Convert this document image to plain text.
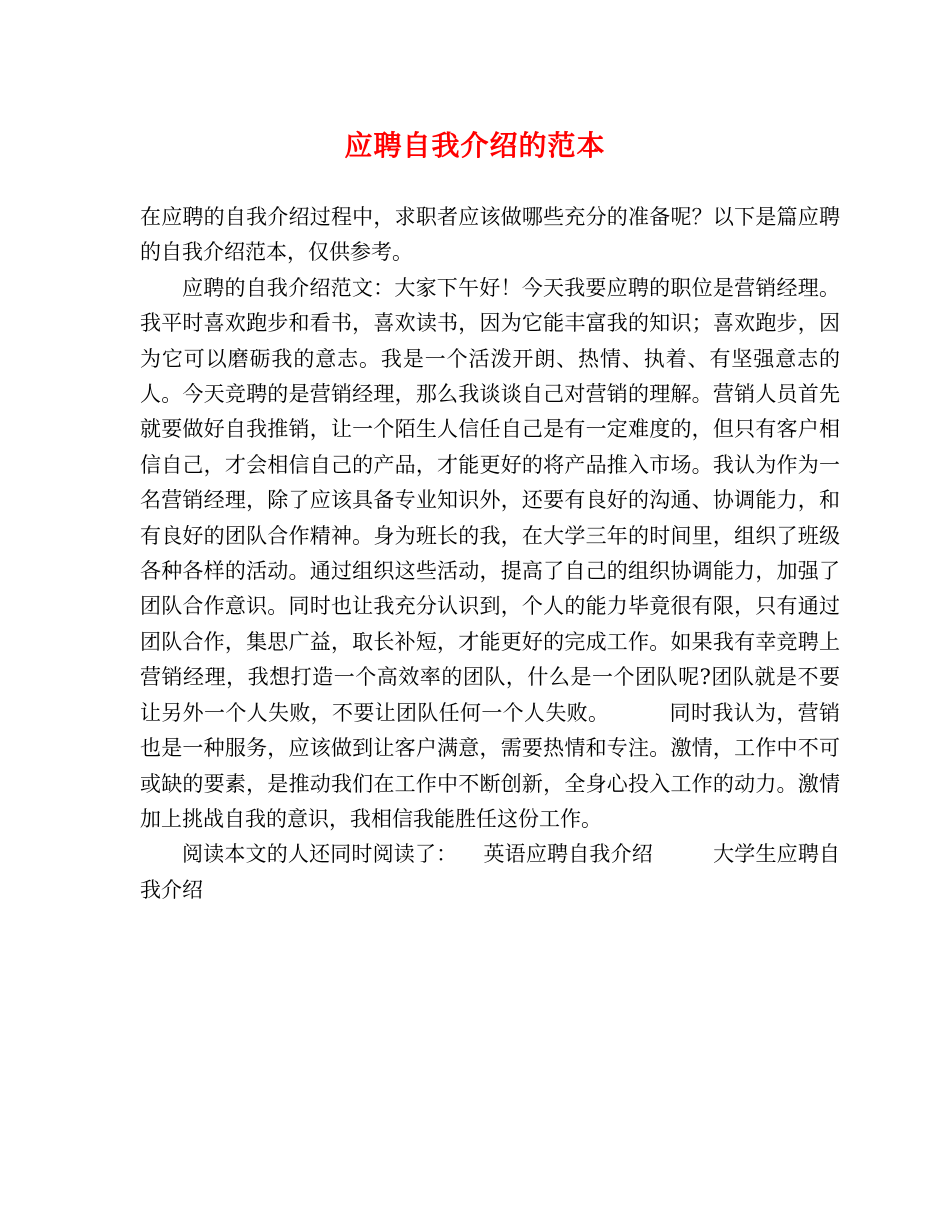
应聘自我介绍的范本

在应聘的自我介绍过程中，求职者应该做哪些充分的准备呢？以下是篇应聘的自我介绍范本，仅供参考。

应聘的自我介绍范文：大家下午好！今天我要应聘的职位是营销经理。我平时喜欢跑步和看书，喜欢读书，因为它能丰富我的知识；喜欢跑步，因为它可以磨砺我的意志。我是一个活泼开朗、热情、执着、有坚强意志的人。今天竞聘的是营销经理，那么我谈谈自己对营销的理解。营销人员首先就要做好自我推销，让一个陌生人信任自己是有一定难度的，但只有客户相信自己，才会相信自己的产品，才能更好的将产品推入市场。我认为作为一名营销经理，除了应该具备专业知识外，还要有良好的沟通、协调能力，和有良好的团队合作精神。身为班长的我，在大学三年的时间里，组织了班级各种各样的活动。通过组织这些活动，提高了自己的组织协调能力，加强了团队合作意识。同时也让我充分认识到，个人的能力毕竟很有限，只有通过团队合作，集思广益，取长补短，才能更好的完成工作。如果我有幸竞聘上营销经理，我想打造一个高效率的团队，什么是一个团队呢?团队就是不要让另外一个人失败，不要让团队任何一个人失败。	同时我认为，营销也是一种服务，应该做到让客户满意，需要热情和专注。激情，工作中不可或缺的要素，是推动我们在工作中不断创新，全身心投入工作的动力。激情加上挑战自我的意识，我相信我能胜任这份工作。

阅读本文的人还同时阅读了： 英语应聘自我介绍	大学生应聘自我介绍
